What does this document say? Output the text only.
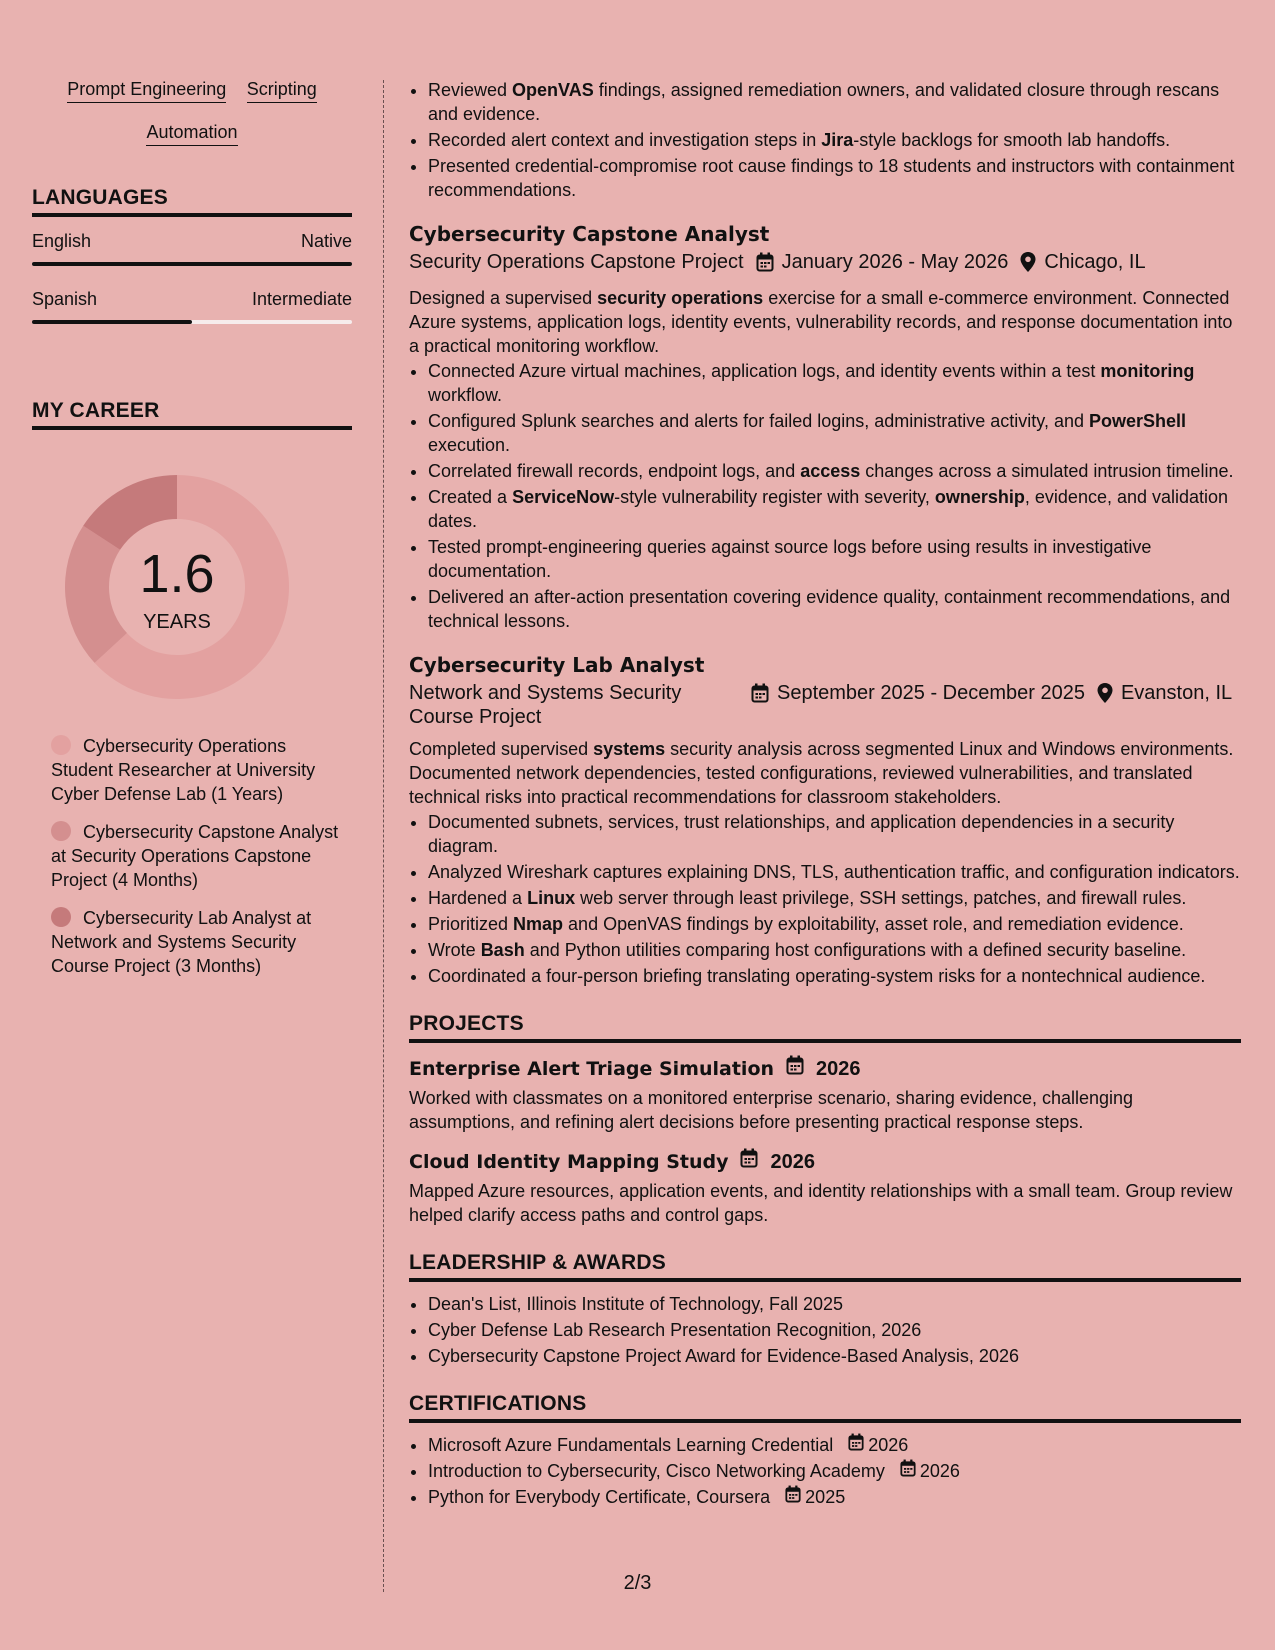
Prompt Engineering Scripting
Automation
LANGUAGES
English	Native
Spanish	Intermediate
MY CAREER
1.6
YEARS
Cybersecurity Operations Student Researcher at University Cyber Defense Lab (1 Years)
Cybersecurity Capstone Analyst at Security Operations Capstone Project (4 Months)
Cybersecurity Lab Analyst at Network and Systems Security Course Project (3 Months)
• Reviewed OpenVAS findings, assigned remediation owners, and validated closure through rescans and evidence.
• Recorded alert context and investigation steps in Jira-style backlogs for smooth lab handoffs.
• Presented credential-compromise root cause findings to 18 students and instructors with containment recommendations.
Cybersecurity Capstone Analyst
Security Operations Capstone Project January 2026 - May 2026 Chicago, IL
Designed a supervised security operations exercise for a small e-commerce environment. Connected Azure systems, application logs, identity events, vulnerability records, and response documentation into a practical monitoring workflow.
• Connected Azure virtual machines, application logs, and identity events within a test monitoring workflow.
• Configured Splunk searches and alerts for failed logins, administrative activity, and PowerShell execution.
• Correlated firewall records, endpoint logs, and access changes across a simulated intrusion timeline.
• Created a ServiceNow-style vulnerability register with severity, ownership, evidence, and validation dates.
• Tested prompt-engineering queries against source logs before using results in investigative documentation.
• Delivered an after-action presentation covering evidence quality, containment recommendations, and technical lessons.
Cybersecurity Lab Analyst
Network and Systems Security Course Project
September 2025 - December 2025 Evanston, IL
Completed supervised systems security analysis across segmented Linux and Windows environments. Documented network dependencies, tested configurations, reviewed vulnerabilities, and translated technical risks into practical recommendations for classroom stakeholders.
• Documented subnets, services, trust relationships, and application dependencies in a security diagram.
• Analyzed Wireshark captures explaining DNS, TLS, authentication traffic, and configuration indicators.
• Hardened a Linux web server through least privilege, SSH settings, patches, and firewall rules.
• Prioritized Nmap and OpenVAS findings by exploitability, asset role, and remediation evidence.
• Wrote Bash and Python utilities comparing host configurations with a defined security baseline.
• Coordinated a four-person briefing translating operating-system risks for a nontechnical audience.
PROJECTS
Enterprise Alert Triage Simulation 2026
Worked with classmates on a monitored enterprise scenario, sharing evidence, challenging assumptions, and refining alert decisions before presenting practical response steps.
Cloud Identity Mapping Study 2026
Mapped Azure resources, application events, and identity relationships with a small team. Group review helped clarify access paths and control gaps.
LEADERSHIP & AWARDS
• Dean's List, Illinois Institute of Technology, Fall 2025
• Cyber Defense Lab Research Presentation Recognition, 2026
• Cybersecurity Capstone Project Award for Evidence-Based Analysis, 2026
CERTIFICATIONS
• Microsoft Azure Fundamentals Learning Credential 2026
• Introduction to Cybersecurity, Cisco Networking Academy 2026
• Python for Everybody Certificate, Coursera 2025
2/3
